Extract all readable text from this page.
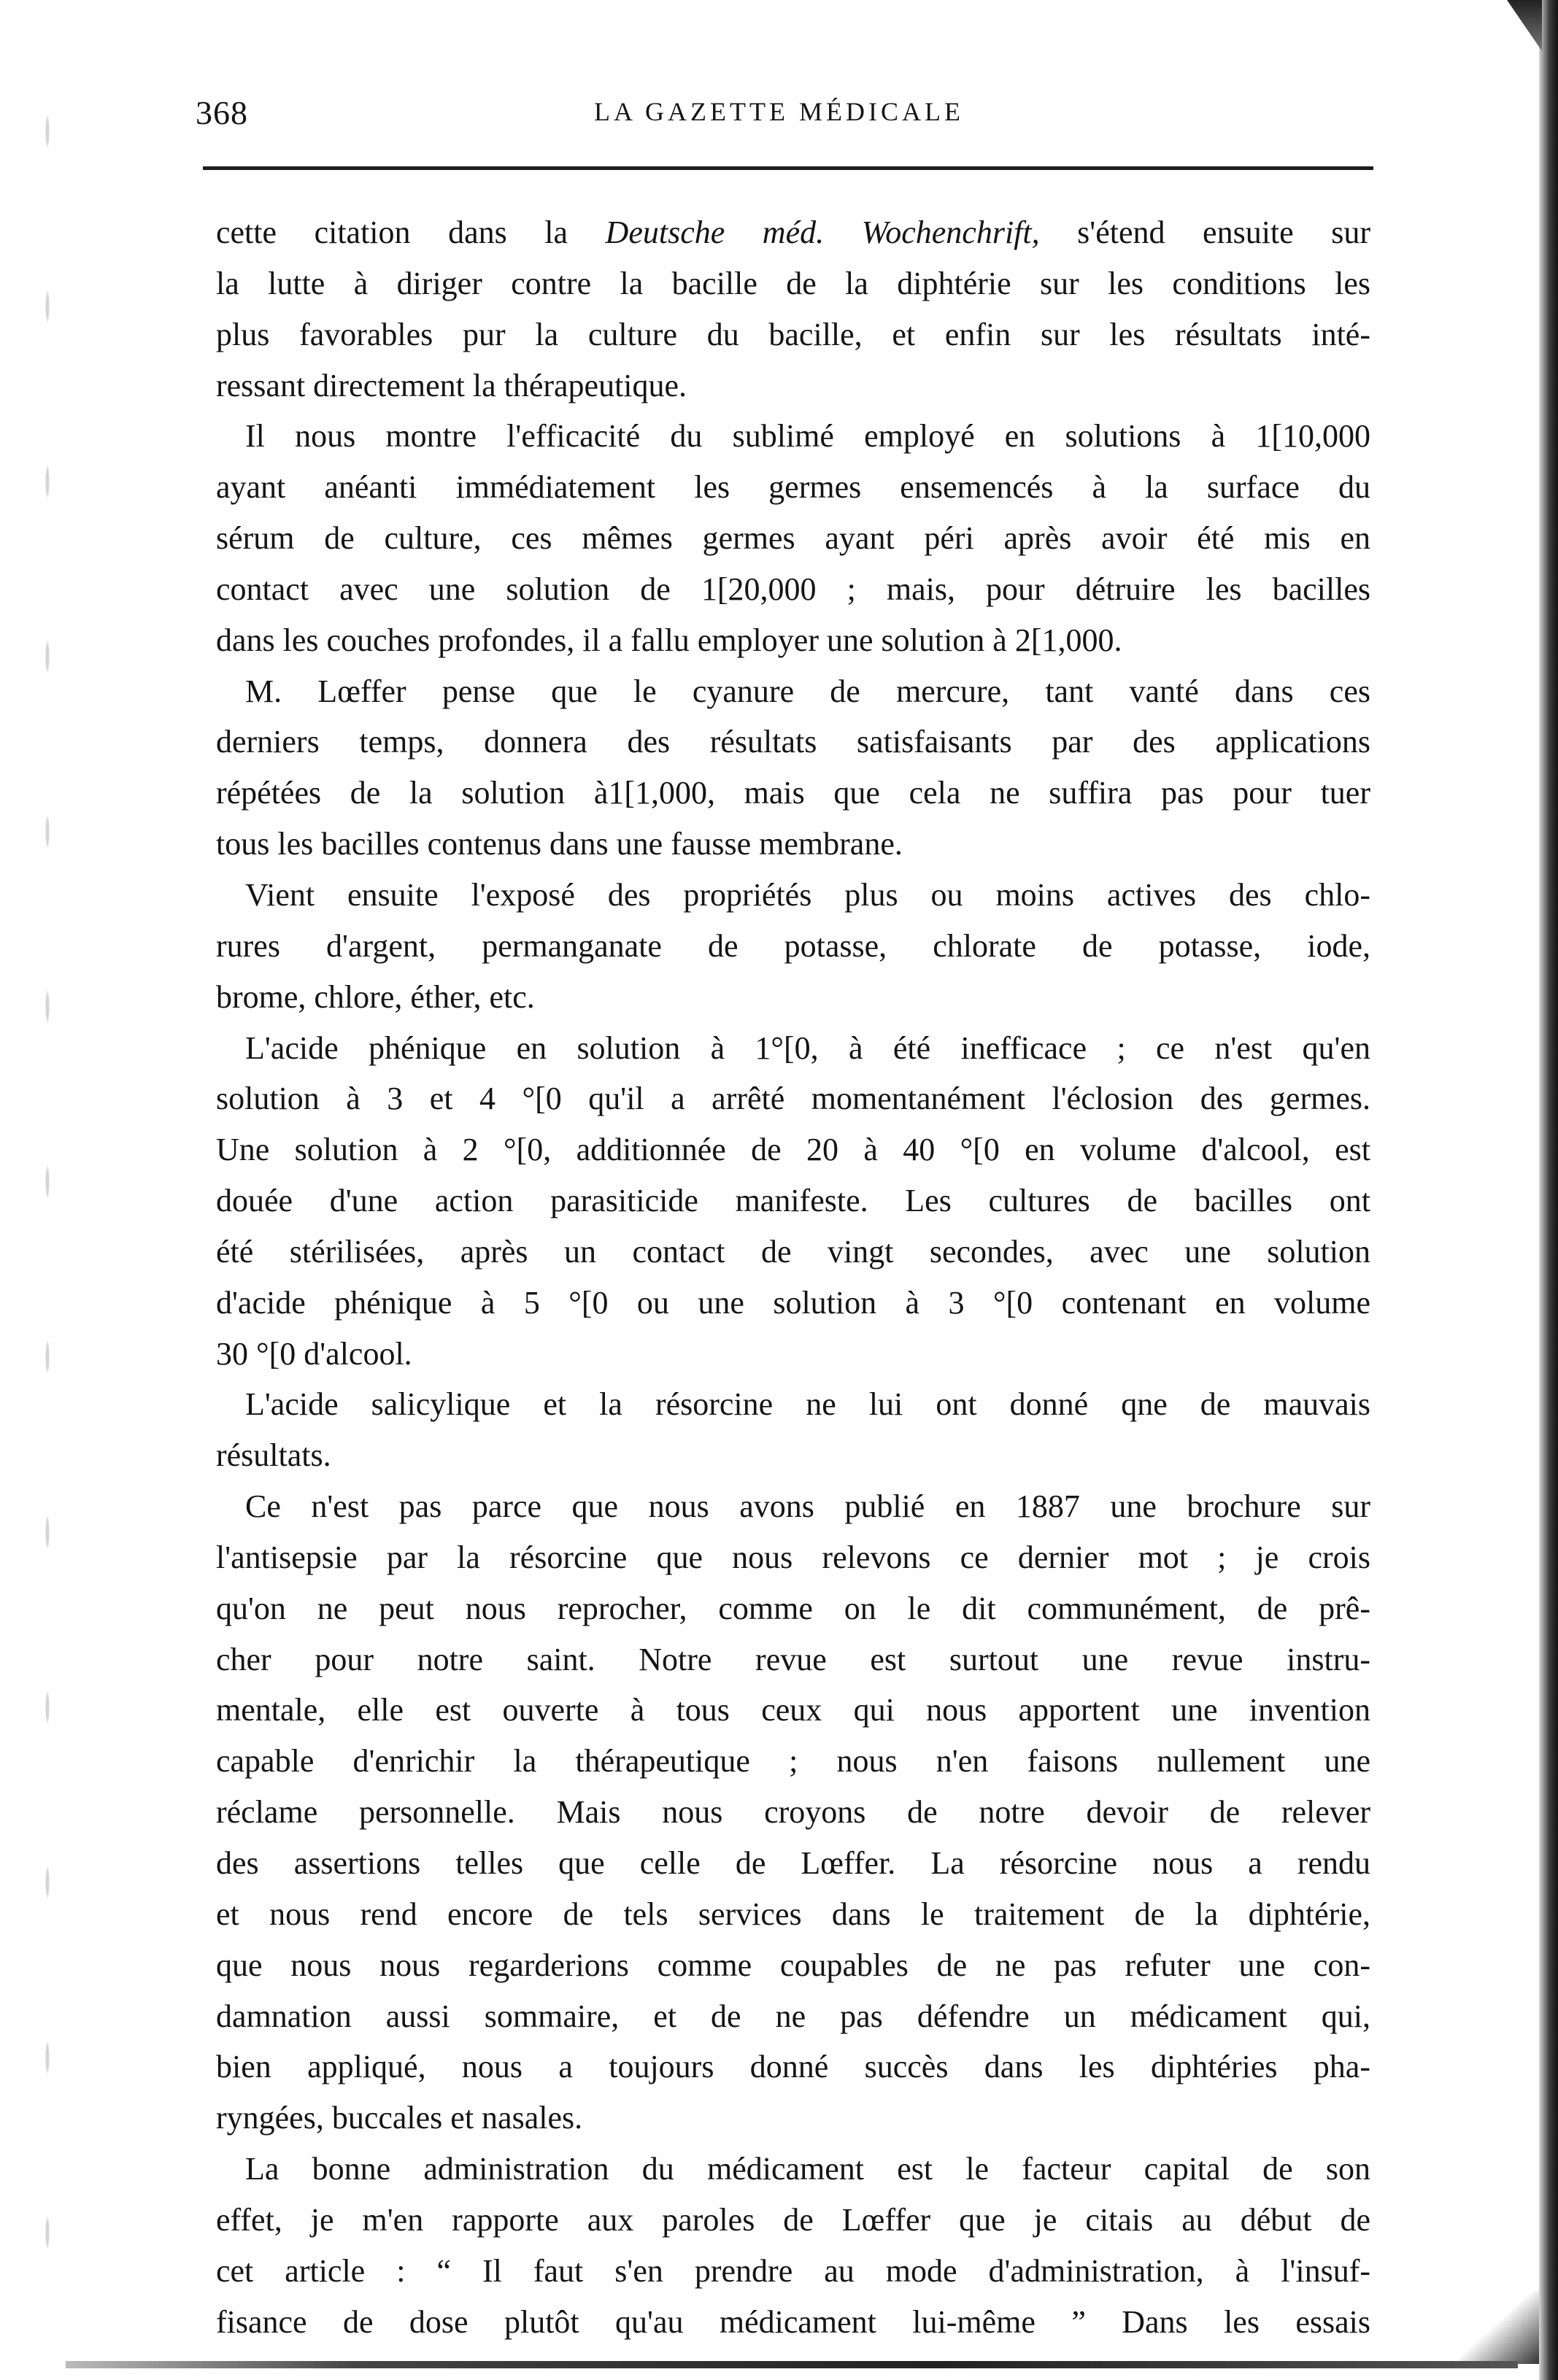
368	LA GAZETTE MÉDICALE
cette citation dans la Deutsche méd. Wochenchrift, s'étend ensuite sur
la lutte à diriger contre la bacille de la diphtérie sur les conditions les
plus favorables pur la culture du bacille, et enfin sur les résultats inté-
ressant directement la thérapeutique.
Il nous montre l'efficacité du sublimé employé en solutions à 1[10,000
ayant anéanti immédiatement les germes ensemencés à la surface du
sérum de culture, ces mêmes germes ayant péri après avoir été mis en
contact avec une solution de 1[20,000 ; mais, pour détruire les bacilles
dans les couches profondes, il a fallu employer une solution à 2[1,000.
M. Lœffer pense que le cyanure de mercure, tant vanté dans ces
derniers temps, donnera des résultats satisfaisants par des applications
répétées de la solution à1[1,000, mais que cela ne suffira pas pour tuer
tous les bacilles contenus dans une fausse membrane.
Vient ensuite l'exposé des propriétés plus ou moins actives des chlo-
rures d'argent, permanganate de potasse, chlorate de potasse, iode,
brome, chlore, éther, etc.
L'acide phénique en solution à 1°[0, à été inefficace ; ce n'est qu'en
solution à 3 et 4 °[0 qu'il a arrêté momentanément l'éclosion des germes.
Une solution à 2 °[0, additionnée de 20 à 40 °[0 en volume d'alcool, est
douée d'une action parasiticide manifeste. Les cultures de bacilles ont
été stérilisées, après un contact de vingt secondes, avec une solution
d'acide phénique à 5 °[0 ou une solution à 3 °[0 contenant en volume
30 °[0 d'alcool.
L'acide salicylique et la résorcine ne lui ont donné qne de mauvais
résultats.
Ce n'est pas parce que nous avons publié en 1887 une brochure sur
l'antisepsie par la résorcine que nous relevons ce dernier mot ; je crois
qu'on ne peut nous reprocher, comme on le dit communément, de prê-
cher pour notre saint. Notre revue est surtout une revue instru-
mentale, elle est ouverte à tous ceux qui nous apportent une invention
capable d'enrichir la thérapeutique ; nous n'en faisons nullement une
réclame personnelle. Mais nous croyons de notre devoir de relever
des assertions telles que celle de Lœffer. La résorcine nous a rendu
et nous rend encore de tels services dans le traitement de la diphtérie,
que nous nous regarderions comme coupables de ne pas refuter une con-
damnation aussi sommaire, et de ne pas défendre un médicament qui,
bien appliqué, nous a toujours donné succès dans les diphtéries pha-
ryngées, buccales et nasales.
La bonne administration du médicament est le facteur capital de son
effet, je m'en rapporte aux paroles de Lœffer que je citais au début de
cet article : “ Il faut s'en prendre au mode d'administration, à l'insuf-
fisance de dose plutôt qu'au médicament lui-même ” Dans les essais
